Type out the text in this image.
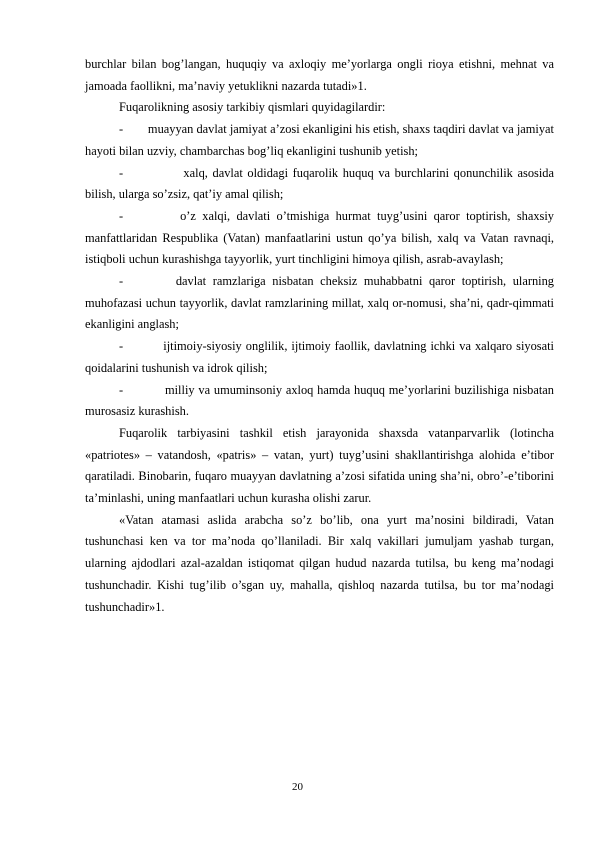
burchlar bilan bog’langan, huquqiy va axloqiy me’yorlarga ongli rioya etishni, mehnat va jamoada faollikni, ma’naviy yetuklikni nazarda tutadi»1.

Fuqarolikning asosiy tarkibiy qismlari quyidagilardir:

-        muayyan davlat jamiyat a’zosi ekanligini his etish, shaxs taqdiri davlat va jamiyat hayoti bilan uzviy, chambarchas bog’liq ekanligini tushunib yetish;

-             xalq, davlat oldidagi fuqarolik huquq va burchlarini qonunchilik asosida bilish, ularga so’zsiz, qat’iy amal qilish;

-         o’z xalqi, davlati o’tmishiga hurmat tuyg’usini qaror toptirish, shaxsiy manfattlaridan Respublika (Vatan) manfaatlarini ustun qo’ya bilish, xalq va Vatan ravnaqi, istiqboli uchun kurashishga tayyorlik, yurt tinchligini himoya qilish, asrab-avaylash;

-        davlat ramzlariga nisbatan cheksiz muhabbatni qaror toptirish, ularning muhofazasi uchun tayyorlik, davlat ramzlarining millat, xalq or-nomusi, sha’ni, qadr-qimmati ekanligini anglash;

-          ijtimoiy-siyosiy onglilik, ijtimoiy faollik, davlatning ichki va xalqaro siyosati qoidalarini tushunish va idrok qilish;

-           milliy va umuminsoniy axloq hamda huquq me’yorlarini buzilishiga nisbatan murosasiz kurashish.

Fuqarolik tarbiyasini tashkil etish jarayonida shaxsda vatanparvarlik (lotincha «patriotes» – vatandosh, «patris» – vatan, yurt) tuyg’usini shakllantirishga alohida e’tibor qaratiladi. Binobarin, fuqaro muayyan davlatning a’zosi sifatida uning sha’ni, obro’-e’tiborini ta’minlashi, uning manfaatlari uchun kurasha olishi zarur.

«Vatan atamasi aslida arabcha so’z bo’lib, ona yurt ma’nosini bildiradi, Vatan tushunchasi ken va tor ma’noda qo’llaniladi. Bir xalq vakillari jumuljam yashab turgan, ularning ajdodlari azal-azaldan istiqomat qilgan hudud nazarda tutilsa, bu keng ma’nodagi tushunchadir. Kishi tug’ilib o’sgan uy, mahalla, qishloq nazarda tutilsa, bu tor ma’nodagi tushunchadir»1.

20
